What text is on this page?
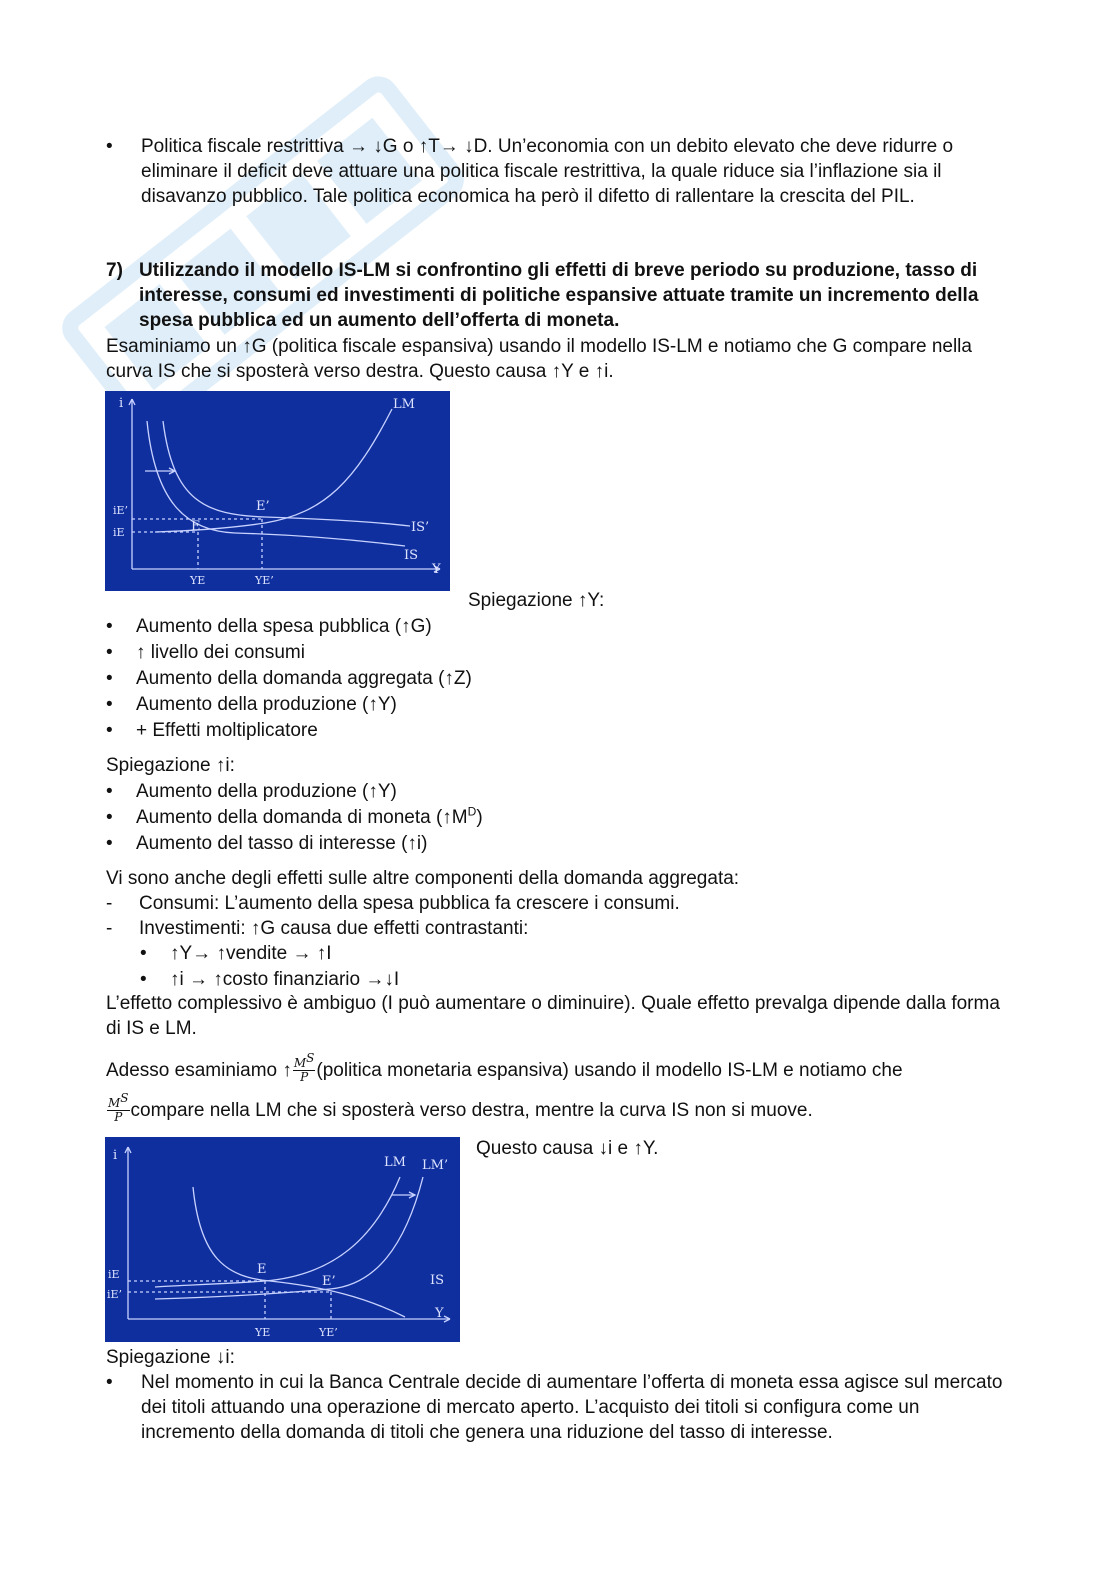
•	Politica fiscale restrittiva → ↓G o ↑T→ ↓D. Un’economia con un debito elevato che deve ridurre o eliminare il deficit deve attuare una politica fiscale restrittiva, la quale riduce sia l’inflazione sia il disavanzo pubblico. Tale politica economica ha però il difetto di rallentare la crescita del PIL.
7) Utilizzando il modello IS-LM si confrontino gli effetti di breve periodo su produzione, tasso di interesse, consumi ed investimenti di politiche espansive attuate tramite un incremento della spesa pubblica ed un aumento dell’offerta di moneta.
Esaminiamo un ↑G (politica fiscale espansiva) usando il modello IS-LM e notiamo che G compare nella curva IS che si sposterà verso destra. Questo causa ↑Y e ↑i.
i
Y
LM
IS’
IS
E
E’
iE’
iE
YE	YE’
Spiegazione ↑Y:
•	Aumento della spesa pubblica (↑G)
•	↑ livello dei consumi
•	Aumento della domanda aggregata (↑Z)
•	Aumento della produzione (↑Y)
•	+ Effetti moltiplicatore
Spiegazione ↑i:
•	Aumento della produzione (↑Y)
•	Aumento della domanda di moneta $(↑M^D)$
•	Aumento del tasso di interesse (↑i)
Vi sono anche degli effetti sulle altre componenti della domanda aggregata:
-	Consumi: L’aumento della spesa pubblica fa crescere i consumi.
-	Investimenti: ↑G causa due effetti contrastanti:
•	↑Y→ ↑vendite → ↑I
•	↑i → ↑costo finanziario →↓I
L’effetto complessivo è ambiguo (I può aumentare o diminuire). Quale effetto prevalga dipende dalla forma di IS e LM.
Adesso esaminiamo ↑ $\frac{M^S}{P}$ (politica monetaria espansiva) usando il modello IS-LM e notiamo che
$\frac{M^S}{P}$ compare nella LM che si sposterà verso destra, mentre la curva IS non si muove.
i
Y
LM LM’
IS
E
E’
iE
iE’
YE	YE’
Questo causa ↓i e ↑Y.
Spiegazione ↓i:
•	Nel momento in cui la Banca Centrale decide di aumentare l’offerta di moneta essa agisce sul mercato dei titoli attuando una operazione di mercato aperto. L’acquisto dei titoli si configura come un incremento della domanda di titoli che genera una riduzione del tasso di interesse.
